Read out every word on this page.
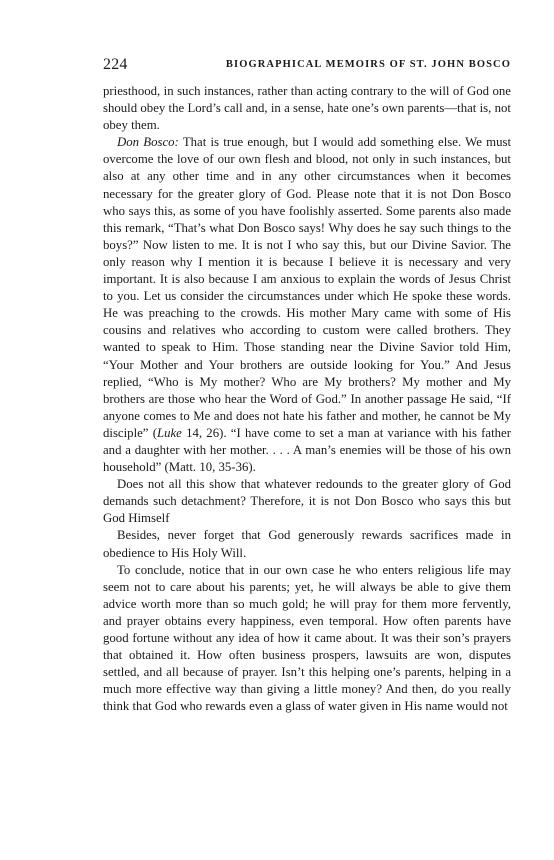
224	BIOGRAPHICAL MEMOIRS OF ST. JOHN BOSCO

priesthood, in such instances, rather than acting contrary to the will of God one should obey the Lord’s call and, in a sense, hate one’s own parents—that is, not obey them.

Don Bosco: That is true enough, but I would add something else. We must overcome the love of our own flesh and blood, not only in such instances, but also at any other time and in any other circumstances when it becomes necessary for the greater glory of God. Please note that it is not Don Bosco who says this, as some of you have foolishly asserted. Some parents also made this remark, “That’s what Don Bosco says! Why does he say such things to the boys?” Now listen to me. It is not I who say this, but our Divine Savior. The only reason why I mention it is because I believe it is necessary and very important. It is also because I am anxious to explain the words of Jesus Christ to you. Let us consider the circumstances under which He spoke these words. He was preaching to the crowds. His mother Mary came with some of His cousins and relatives who according to custom were called brothers. They wanted to speak to Him. Those standing near the Divine Savior told Him, “Your Mother and Your brothers are outside looking for You.” And Jesus replied, “Who is My mother? Who are My brothers? My mother and My brothers are those who hear the Word of God.” In another passage He said, “If anyone comes to Me and does not hate his father and mother, he cannot be My disciple” (Luke 14, 26). “I have come to set a man at variance with his father and a daughter with her mother. . . . A man’s enemies will be those of his own household” (Matt. 10, 35-36).

Does not all this show that whatever redounds to the greater glory of God demands such detachment? Therefore, it is not Don Bosco who says this but God Himself

Besides, never forget that God generously rewards sacrifices made in obedience to His Holy Will.

To conclude, notice that in our own case he who enters religious life may seem not to care about his parents; yet, he will always be able to give them advice worth more than so much gold; he will pray for them more fervently, and prayer obtains every happiness, even temporal. How often parents have good fortune without any idea of how it came about. It was their son’s prayers that obtained it. How often business prospers, lawsuits are won, disputes settled, and all because of prayer. Isn’t this helping one’s parents, helping in a much more effective way than giving a little money? And then, do you really think that God who rewards even a glass of water given in His name would not
